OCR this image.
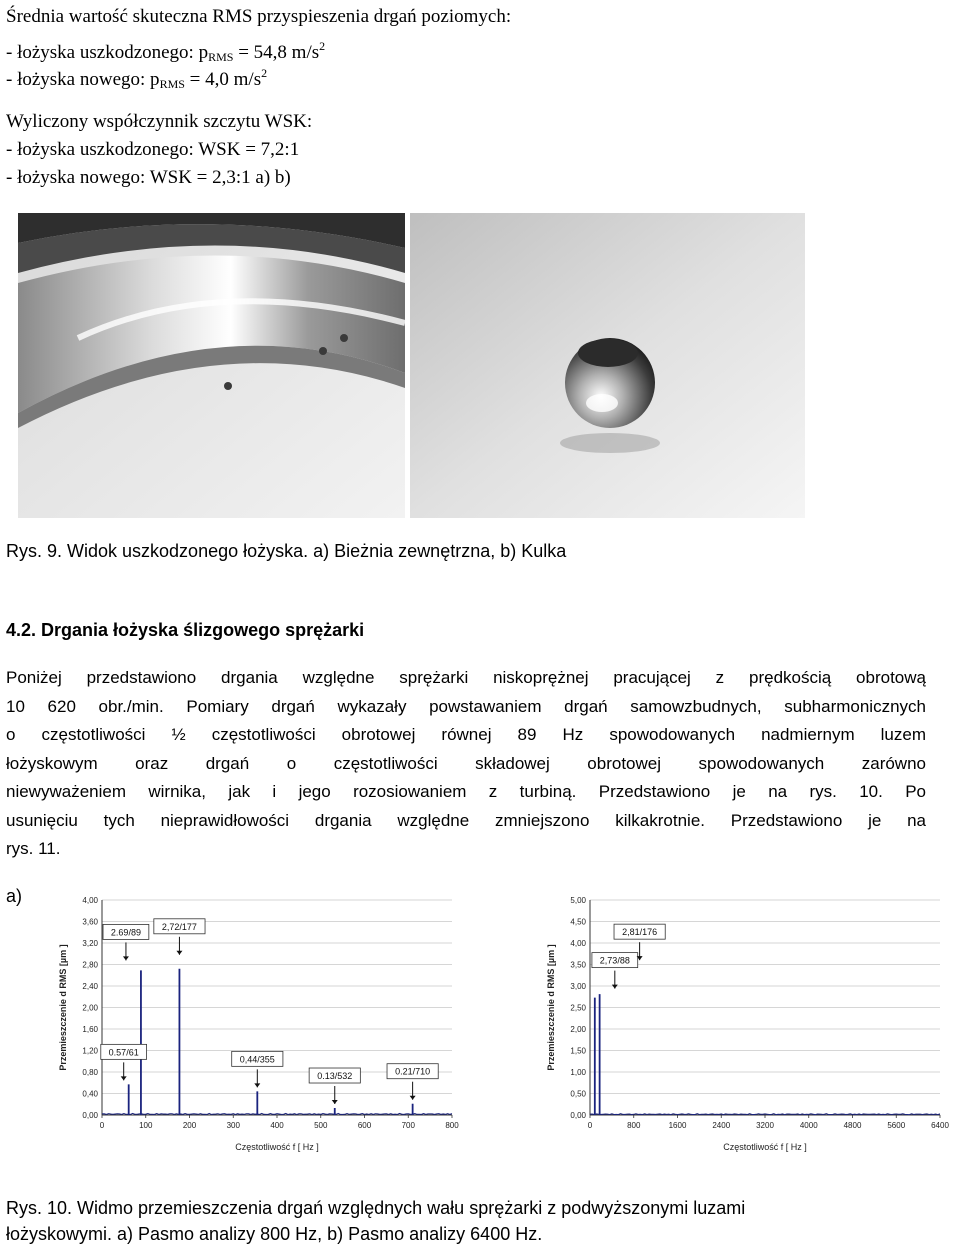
Średnia wartość skuteczna RMS przyspieszenia drgań poziomych:
- łożyska uszkodzonego: $p_{RMS} = 54,8$ $m/s^2$
- łożyska nowego: $p_{RMS} = 4,0$ $m/s^2$
Wyliczony współczynnik szczytu WSK:
- łożyska uszkodzonego: WSK = 7,2:1
- łożyska nowego: WSK = 2,3:1 a) b)
Rys. 9. Widok uszkodzonego łożyska. a) Bieżnia zewnętrzna, b) Kulka
4.2. Drgania łożyska ślizgowego sprężarki
Poniżej przedstawiono drgania względne sprężarki niskoprężnej pracującej z prędkością obrotową
10 620 obr./min. Pomiary drgań wykazały powstawaniem drgań samowzbudnych, subharmonicznych
o częstotliwości ½ częstotliwości obrotowej równej 89 Hz spowodowanych nadmiernym luzem
łożyskowym oraz drgań o częstotliwości składowej obrotowej spowodowanych zarówno
niewyważeniem wirnika, jak i jego rozosiowaniem z turbiną. Przedstawiono je na rys. 10. Po
usunięciu tych nieprawidłowości drgania względne zmniejszono kilkakrotnie. Przedstawiono je na
rys. 11.
a)
0,00
0,40
0,80
1,20
1,60
2,00
2,40
2,80
3,20
3,60
4,00
0	100	200	300	400	500	600	700	800
Częstotliwość f [ Hz ]
Przemieszczenie d RMS [µm ]	0.57/61
2.69/89
2,72/177
0,44/355
0.13/532	0.21/710
0,00
0,50
1,00
1,50
2,00
2,50
3,00
3,50
4,00
4,50
5,00
0	800	1600	2400	3200	4000	4800	5600	6400
Częstotliwość f [ Hz ]
Przemieszczenie d RMS [µm ]	2,73/88
2,81/176
Rys. 10. Widmo przemieszczenia drgań względnych wału sprężarki z podwyższonymi luzami
łożyskowymi. a) Pasmo analizy 800 Hz, b) Pasmo analizy 6400 Hz.
